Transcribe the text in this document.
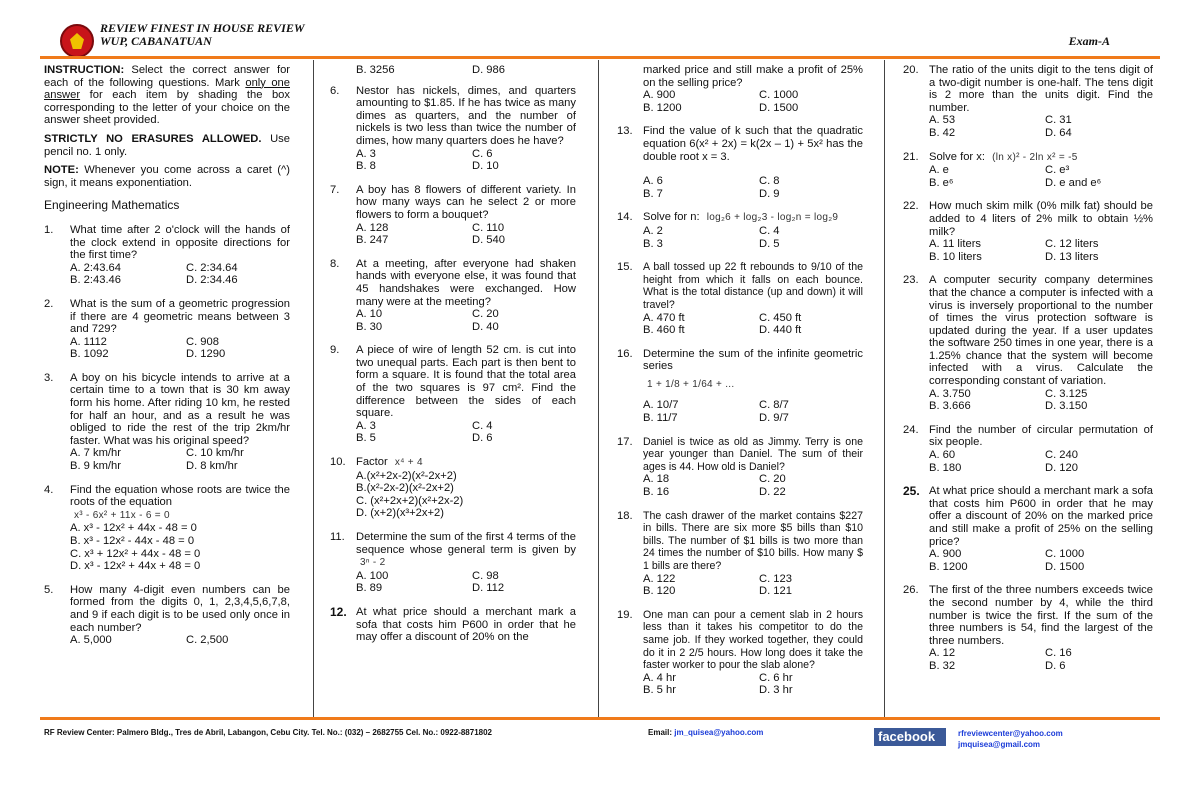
REVIEW FINEST IN HOUSE REVIEW
WUP, CABANATUAN	Exam-A
INSTRUCTION: Select the correct answer for each of the following questions. Mark only one answer for each item by shading the box corresponding to the letter of your choice on the answer sheet provided.
STRICTLY NO ERASURES ALLOWED. Use pencil no. 1 only.
NOTE: Whenever you come across a caret (^) sign, it means exponentiation.
Engineering Mathematics
1. What time after 2 o'clock will the hands of the clock extend in opposite directions for the first time?
A. 2:43.64	C. 2:34.64
B. 2:43.46	D. 2:34.46
2. What is the sum of a geometric progression if there are 4 geometric means between 3 and 729?
A. 1112	C. 908
B. 1092	D. 1290
3. A boy on his bicycle intends to arrive at a certain time to a town that is 30 km away form his home. After riding 10 km, he rested for half an hour, and as a result he was obliged to ride the rest of the trip 2km/hr faster. What was his original speed?
A. 7 km/hr	C. 10 km/hr
B. 9 km/hr	D. 8 km/hr
4. Find the equation whose roots are twice the roots of the equation
x³ - 6x² + 11x - 6 = 0
A. x³ - 12x² + 44x - 48 = 0
B. x³ - 12x² - 44x - 48 = 0
C. x³ + 12x² + 44x - 48 = 0
D. x³ - 12x² + 44x + 48 = 0
5. How many 4-digit even numbers can be formed from the digits 0, 1, 2,3,4,5,6,7,8, and 9 if each digit is to be used only once in each number?
A. 5,000	C. 2,500
B. 3256	D. 986
6. Nestor has nickels, dimes, and quarters amounting to $1.85. If he has twice as many dimes as quarters, and the number of nickels is two less than twice the number of dimes, how many quarters does he have?
A. 3	C. 6
B. 8	D. 10
7. A boy has 8 flowers of different variety. In how many ways can he select 2 or more flowers to form a bouquet?
A. 128	C. 110
B. 247	D. 540
8. At a meeting, after everyone had shaken hands with everyone else, it was found that 45 handshakes were exchanged. How many were at the meeting?
A. 10	C. 20
B. 30	D. 40
9. A piece of wire of length 52 cm. is cut into two unequal parts. Each part is then bent to form a square. It is found that the total area of the two squares is 97 cm². Find the difference between the sides of each square.
A. 3	C. 4
B. 5	D. 6
10. Factor x⁴ + 4
A.(x²+2x-2)(x²-2x+2)
B.(x²-2x-2)(x²-2x+2)
C. (x²+2x+2)(x²+2x-2)
D. (x+2)(x³+2x+2)
11. Determine the sum of the first 4 terms of the sequence whose general term is given by 3ⁿ - 2
A. 100	C. 98
B. 89	D. 112
12. At what price should a merchant mark a sofa that costs him P600 in order that he may offer a discount of 20% on the
marked price and still make a profit of 25% on the selling price?
A. 900	C. 1000
B. 1200	D. 1500
13. Find the value of k such that the quadratic equation 6(x² + 2x) = k(2x – 1) + 5x² has the double root x = 3.
A. 6	C. 8
B. 7	D. 9
14. Solve for n: log₂6 + log₂3 - log₂n = log₂9
A. 2	C. 4
B. 3	D. 5
15. A ball tossed up 22 ft rebounds to 9/10 of the height from which it falls on each bounce. What is the total distance (up and down) it will travel?
A. 470 ft	C. 450 ft
B. 460 ft	D. 440 ft
16. Determine the sum of the infinite geometric series
1 + 1/8 + 1/64 + ...
A. 10/7	C. 8/7
B. 11/7	D. 9/7
17. Daniel is twice as old as Jimmy. Terry is one year younger than Daniel. The sum of their ages is 44. How old is Daniel?
A. 18	C. 20
B. 16	D. 22
18. The cash drawer of the market contains $227 in bills. There are six more $5 bills than $10 bills. The number of $1 bills is two more than 24 times the number of $10 bills. How many $ 1 bills are there?
A. 122	C. 123
B. 120	D. 121
19. One man can pour a cement slab in 2 hours less than it takes his competitor to do the same job. If they worked together, they could do it in 2 2/5 hours. How long does it take the faster worker to pour the slab alone?
A. 4 hr	C. 6 hr
B. 5 hr	D. 3 hr
20. The ratio of the units digit to the tens digit of a two-digit number is one-half. The tens digit is 2 more than the units digit. Find the number.
A. 53	C. 31
B. 42	D. 64
21. Solve for x: (ln x)² - 2ln x² = -5
A. e	C. e³
B. e⁶	D. e and e⁶
22. How much skim milk (0% milk fat) should be added to 4 liters of 2% milk to obtain ½% milk?
A. 11 liters	C. 12 liters
B. 10 liters	D. 13 liters
23. A computer security company determines that the chance a computer is infected with a virus is inversely proportional to the number of times the virus protection software is updated during the year. If a user updates the software 250 times in one year, there is a 1.25% chance that the system will become infected with a virus. Calculate the corresponding constant of variation.
A. 3.750	C. 3.125
B. 3.666	D. 3.150
24. Find the number of circular permutation of six people.
A. 60	C. 240
B. 180	D. 120
25. At what price should a merchant mark a sofa that costs him P600 in order that he may offer a discount of 20% on the marked price and still make a profit of 25% on the selling price?
A. 900	C. 1000
B. 1200	D. 1500
26. The first of the three numbers exceeds twice the second number by 4, while the third number is twice the first. If the sum of the three numbers is 54, find the largest of the three numbers.
A. 12	C. 16
B. 32	D. 6
RF Review Center: Palmero Bldg., Tres de Abril, Labangon, Cebu City. Tel. No.: (032) – 2682755 Cel. No.: 0922-8871802	Email: jm_quisea@yahoo.com	facebook	rfreviewcenter@yahoo.com
jmquisea@gmail.com
